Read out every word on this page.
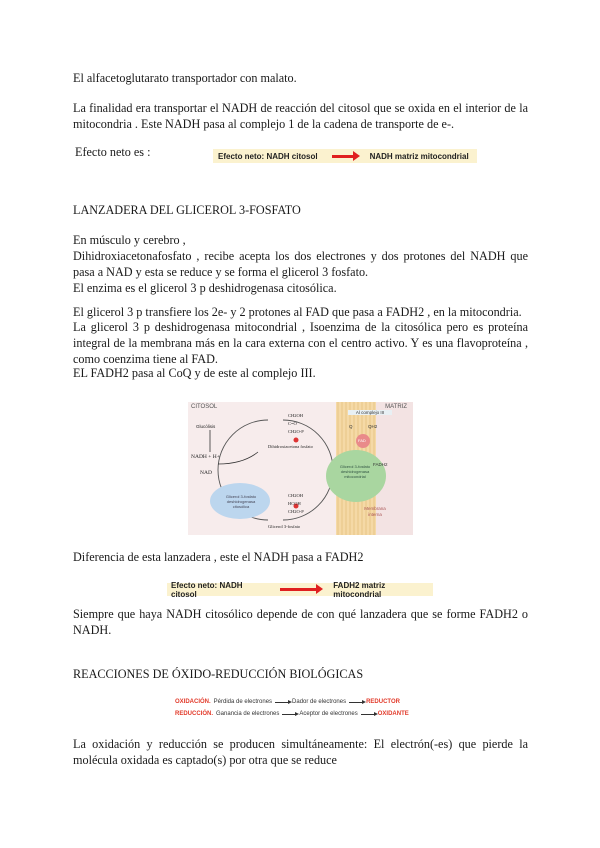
El alfacetoglutarato transportador con malato.

La finalidad era transportar el NADH de reacción del citosol que se oxida en el interior de la mitocondria . Este NADH pasa al complejo 1 de la cadena de transporte de e-.

Efecto neto es :	Efecto neto: NADH citosol	NADH matriz mitocondrial

LANZADERA DEL GLICEROL 3-FOSFATO

En músculo y cerebro ,

Dihidroxiacetonafosfato , recibe acepta los dos electrones y dos protones del NADH que pasa a NAD y esta se reduce y se forma el glicerol 3 fosfato.

El enzima es el glicerol 3 p deshidrogenasa citosólica.

El glicerol 3 p transfiere los 2e- y 2 protones al FAD que pasa a FADH2 , en la mitocondria.

La glicerol 3 p deshidrogenasa mitocondrial , Isoenzima de la citosólica pero es proteína integral de la membrana más en la cara externa con el centro activo. Y es una flavoproteína , como coenzima tiene al FAD.

EL FADH2 pasa al CoQ y de este al complejo III.

CITOSOL	MATRIZ
Glucólisis
NADH + H+
NAD
CH2OH
C=O
CH2O-P
Dihidroxiacetona fosfato
CH2OH
HCOH
CH2O-P
Glicerol 3-fosfato
Glicerol 3-fosfato deshidrogenasa citosólica
Glicerol 3-fosfato deshidrogenasa mitocondrial
Al complejo III
Q	QH2
FADH2
FAD
Membrana interna

Diferencia de esta lanzadera , este el NADH pasa a FADH2

Efecto neto: NADH citosol
FADH2 matriz mitocondrial

Siempre que haya NADH citosólico depende de con qué lanzadera que se forme FADH2 o NADH.

REACCIONES DE ÓXIDO-REDUCCIÓN BIOLÓGICAS

OXIDACIÓN. Pérdida de electrones	Dador de electrones	REDUCTOR
REDUCCIÓN. Ganancia de electrones	Aceptor de electrones	OXIDANTE

La oxidación y reducción se producen simultáneamente: El electrón(-es) que pierde la molécula oxidada es captado(s) por otra que se reduce
